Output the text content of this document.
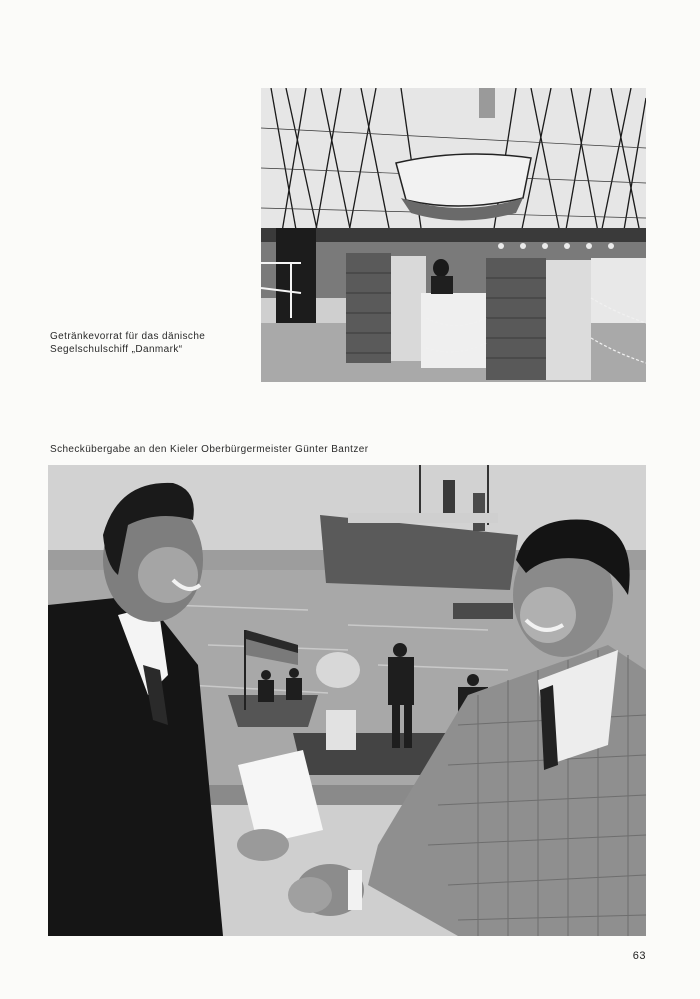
Getränkevorrat für das dänische
Segelschulschiff „Danmark“
Scheckübergabe an den Kieler Oberbürgermeister Günter Bantzer
63
